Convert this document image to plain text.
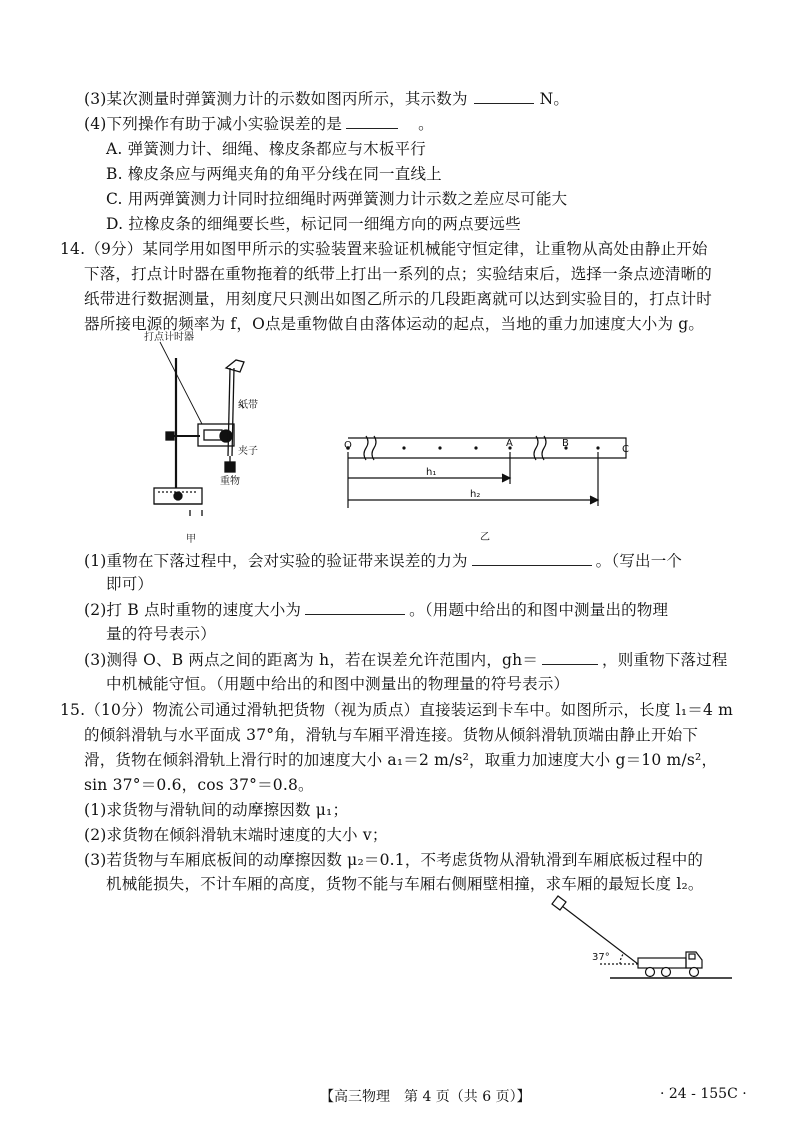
(3)某次测量时弹簧测力计的示数如图丙所示，其示数为	N。
(4)下列操作有助于减小实验误差的是	。
A. 弹簧测力计、细绳、橡皮条都应与木板平行
B. 橡皮条应与两绳夹角的角平分线在同一直线上
C. 用两弹簧测力计同时拉细绳时两弹簧测力计示数之差应尽可能大
D. 拉橡皮条的细绳要长些，标记同一细绳方向的两点要远些
14.（9分）某同学用如图甲所示的实验装置来验证机械能守恒定律，让重物从高处由静止开始
下落，打点计时器在重物拖着的纸带上打出一系列的点；实验结束后，选择一条点迹清晰的
纸带进行数据测量，用刻度尺只测出如图乙所示的几段距离就可以达到实验目的，打点计时
器所接电源的频率为 f，O点是重物做自由落体运动的起点，当地的重力加速度大小为 g。
打点计时器
纸带
夹子
重物
甲
O	A	B
C
h₁
h₂
乙
(1)重物在下落过程中，会对实验的验证带来误差的力为	。（写出一个
即可）
(2)打 B 点时重物的速度大小为	。（用题中给出的和图中测量出的物理
量的符号表示）
(3)测得 O、B 两点之间的距离为 h，若在误差允许范围内，gh＝	，则重物下落过程
中机械能守恒。（用题中给出的和图中测量出的物理量的符号表示）
15.（10分）物流公司通过滑轨把货物（视为质点）直接装运到卡车中。如图所示，长度 l₁＝4 m
的倾斜滑轨与水平面成 37°角，滑轨与车厢平滑连接。货物从倾斜滑轨顶端由静止开始下
滑，货物在倾斜滑轨上滑行时的加速度大小 a₁＝2 m/s²，取重力加速度大小 g＝10 m/s²，
sin 37°＝0.6，cos 37°＝0.8。
(1)求货物与滑轨间的动摩擦因数 μ₁；
(2)求货物在倾斜滑轨末端时速度的大小 v；
(3)若货物与车厢底板间的动摩擦因数 μ₂＝0.1，不考虑货物从滑轨滑到车厢底板过程中的
机械能损失，不计车厢的高度，货物不能与车厢右侧厢壁相撞，求车厢的最短长度 l₂。
37°
【高三物理　第 4 页（共 6 页）】	· 24 - 155C ·
